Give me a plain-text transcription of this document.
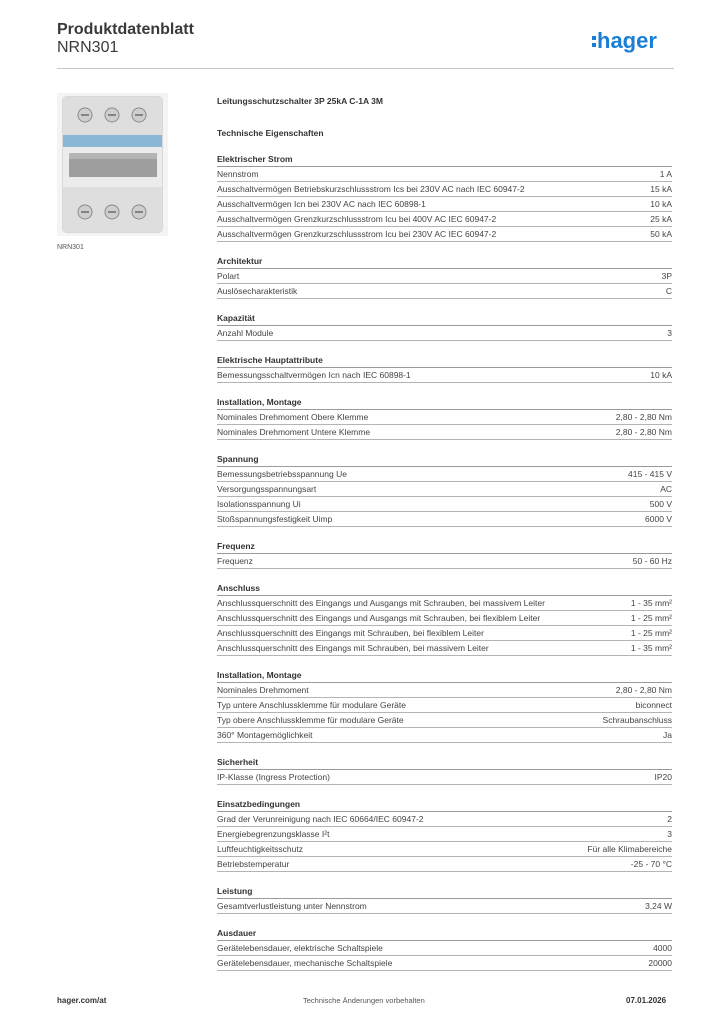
Produktdatenblatt
NRN301	hager
NRN301
Leitungsschutzschalter 3P 25kA C-1A 3M
Technische Eigenschaften
Elektrischer Strom
Nennstrom	1 A
Ausschaltvermögen Betriebskurzschlussstrom Ics bei 230V AC nach IEC 60947-2	15 kA
Ausschaltvermögen Icn bei 230V AC nach IEC 60898-1	10 kA
Ausschaltvermögen Grenzkurzschlussstrom Icu bei 400V AC IEC 60947-2	25 kA
Ausschaltvermögen Grenzkurzschlussstrom Icu bei 230V AC IEC 60947-2	50 kA
Architektur
Polart	3P
Auslösecharakteristik	C
Kapazität
Anzahl Module	3
Elektrische Hauptattribute
Bemessungsschaltvermögen Icn nach IEC 60898-1	10 kA
Installation, Montage
Nominales Drehmoment Obere Klemme	2,80 - 2,80 Nm
Nominales Drehmoment Untere Klemme	2,80 - 2,80 Nm
Spannung
Bemessungsbetriebsspannung Ue	415 - 415 V
Versorgungsspannungsart	AC
Isolationsspannung Ui	500 V
Stoßspannungsfestigkeit Uimp	6000 V
Frequenz
Frequenz	50 - 60 Hz
Anschluss
Anschlussquerschnitt des Eingangs und Ausgangs mit Schrauben, bei massivem Leiter	1 - 35 mm²
Anschlussquerschnitt des Eingangs und Ausgangs mit Schrauben, bei flexiblem Leiter	1 - 25 mm²
Anschlussquerschnitt des Eingangs mit Schrauben, bei flexiblem Leiter	1 - 25 mm²
Anschlussquerschnitt des Eingangs mit Schrauben, bei massivem Leiter	1 - 35 mm²
Installation, Montage
Nominales Drehmoment	2,80 - 2,80 Nm
Typ untere Anschlussklemme für modulare Geräte	biconnect
Typ obere Anschlussklemme für modulare Geräte	Schraubanschluss
360° Montagemöglichkeit	Ja
Sicherheit
IP-Klasse (Ingress Protection)	IP20
Einsatzbedingungen
Grad der Verunreinigung nach IEC 60664/IEC 60947-2	2
Energiebegrenzungsklasse I²t	3
Luftfeuchtigkeitsschutz	Für alle Klimabereiche
Betriebstemperatur	-25 - 70 °C
Leistung
Gesamtverlustleistung unter Nennstrom	3,24 W
Ausdauer
Gerätelebensdauer, elektrische Schaltspiele	4000
Gerätelebensdauer, mechanische Schaltspiele	20000
hager.com/at	Technische Änderungen vorbehalten	07.01.2026
